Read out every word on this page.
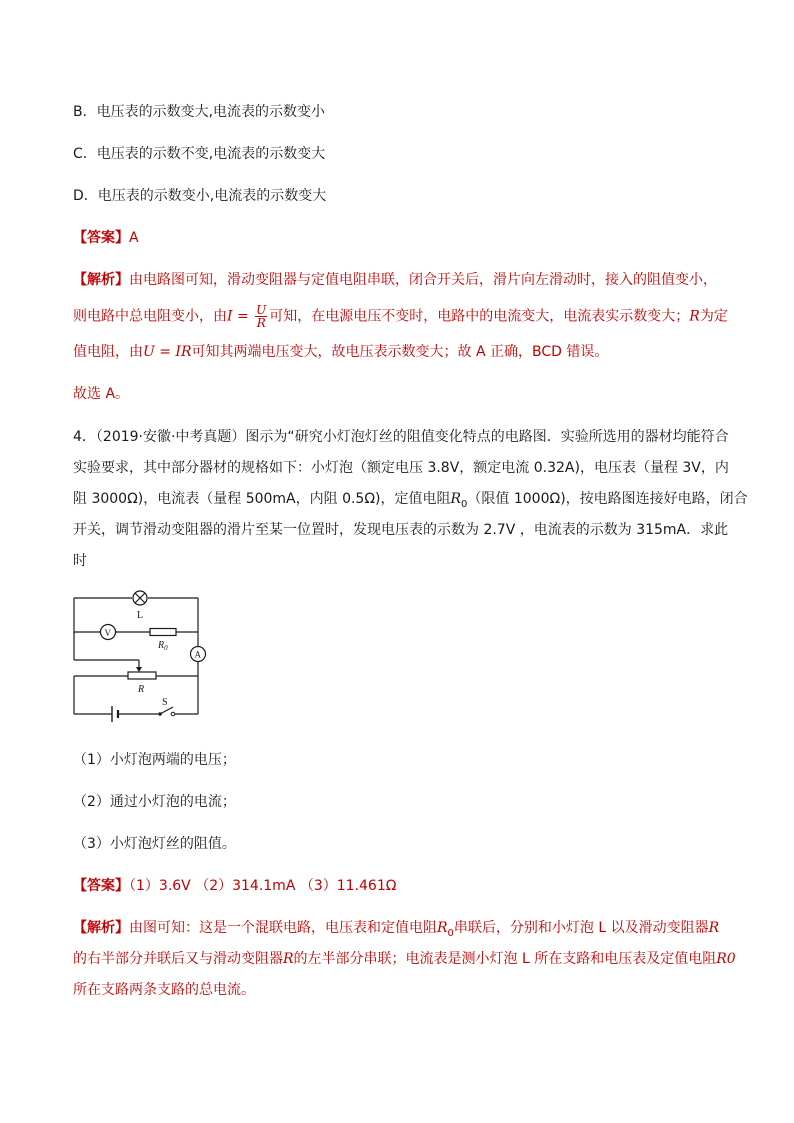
B．电压表的示数变大,电流表的示数变小
C．电压表的示数不变,电流表的示数变大
D．电压表的示数变小,电流表的示数变大
【答案】A
【解析】由电路图可知，滑动变阻器与定值电阻串联，闭合开关后，滑片向左滑动时，接入的阻值变小，
则电路中总电阻变小，由$I = \frac{U}{R}$ 可知，在电源电压不变时，电路中的电流变大，电流表实示数变大；R为定
值电阻，由U = IR可知其两端电压变大，故电压表示数变大；故 A 正确，BCD 错误。
故选 A。
4．（2019·安徽·中考真题）图示为“研究小灯泡灯丝的阻值变化特点的电路图．实验所选用的器材均能符合
实验要求，其中部分器材的规格如下：小灯泡（额定电压 3.8V，额定电流 0.32A)，电压表（量程 3V，内
阻 3000Ω)，电流表（量程 500mA，内阻 0.5Ω)，定值电阻$R_0$（限值 1000Ω)，按电路图连接好电路，闭合
开关，调节滑动变阻器的滑片至某一位置时，发现电压表的示数为 2.7V ，电流表的示数为 315mA．求此
时
L
V
$R_0$
A
R
S
（1）小灯泡两端的电压；
（2）通过小灯泡的电流；
（3）小灯泡灯丝的阻值。
【答案】（1）3.6V （2）314.1mA （3）11.461Ω
【解析】由图可知：这是一个混联电路，电压表和定值电阻$R_0$串联后，分别和小灯泡 L 以及滑动变阻器R
的右半部分并联后又与滑动变阻器R的左半部分串联；电流表是测小灯泡 L 所在支路和电压表及定值电阻R0
所在支路两条支路的总电流。
